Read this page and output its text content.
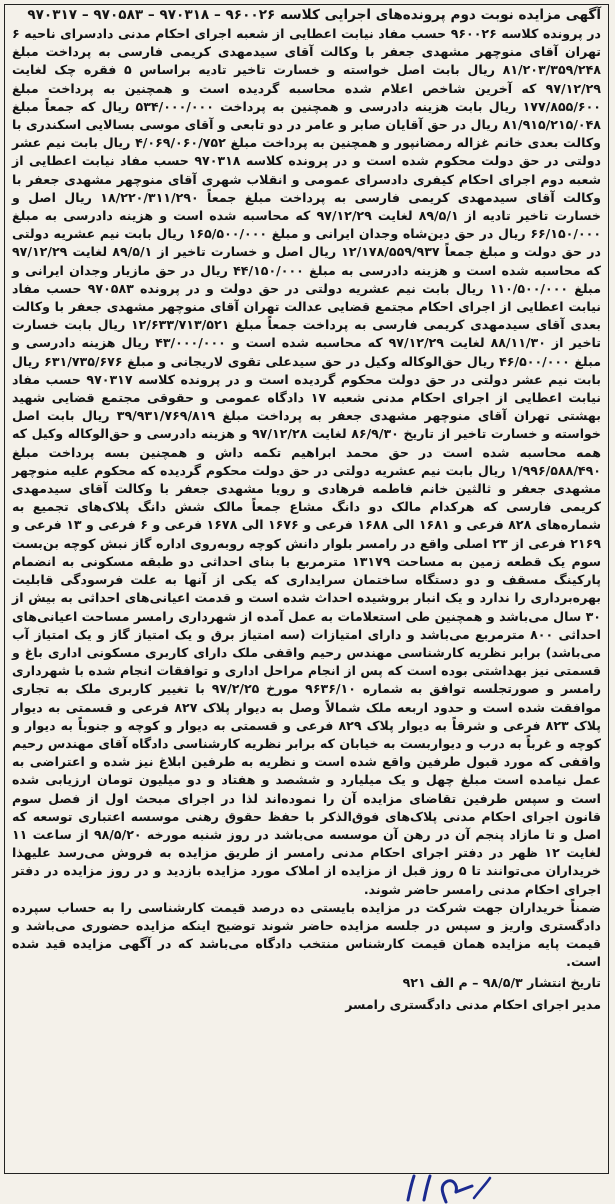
آگهی مزایده نوبت دوم پرونده‌های اجرایی کلاسه ۹۶۰۰۲۶ – ۹۷۰۳۱۸ – ۹۷۰۵۸۳ – ۹۷۰۳۱۷

در پرونده کلاسه ۹۶۰۰۲۶ حسب مفاد نیابت اعطایی از شعبه اجرای احکام مدنی دادسرای ناحیه ۶ تهران آقای منوچهر مشهدی جعفر با وکالت آقای سیدمهدی کریمی فارسی به پرداخت مبلغ ۸۱/۲۰۳/۳۵۹/۲۴۸ ریال بابت اصل خواسته و خسارت تاخیر تادیه براساس ۵ فقره چک لغایت ۹۷/۱۲/۲۹ که آخرین شاخص اعلام شده محاسبه گردیده است و همچنین به پرداخت مبلغ ۱۷۷/۸۵۵/۶۰۰ ریال بابت هزینه دادرسی و همچنین به پرداخت ۵۳۴/۰۰۰/۰۰۰ ریال که جمعاً مبلغ ۸۱/۹۱۵/۲۱۵/۰۴۸ ریال در حق آقایان صابر و عامر در دو تابعی و آقای موسی بسالایی اسکندری با وکالت بعدی خانم غزاله رمضانپور و همچنین به پرداخت مبلغ ۴/۰۶۹/۰۶۰/۷۵۲ ریال بابت نیم عشر دولتی در حق دولت محکوم شده است و در پرونده کلاسه ۹۷۰۳۱۸ حسب مفاد نیابت اعطایی از شعبه دوم اجرای احکام کیفری دادسرای عمومی و انقلاب شهری آقای منوچهر مشهدی جعفر با وکالت آقای سیدمهدی کریمی فارسی به پرداخت مبلغ جمعاً ۱۸/۲۲۰/۳۱۱/۲۹۰ ریال اصل و خسارت تاخیر تادیه از ۸۹/۵/۱ لغایت ۹۷/۱۲/۲۹ که محاسبه شده است و هزینه دادرسی به مبلغ ۶۶/۱۵۰/۰۰۰ ریال در حق دین‌شاه وجدان ایرانی و مبلغ ۱۶۵/۵۰۰/۰۰۰ ریال بابت نیم عشریه دولتی در حق دولت و مبلغ جمعاً ۱۲/۱۷۸/۵۵۹/۹۳۷ ریال اصل و خسارت تاخیر از ۸۹/۵/۱ لغایت ۹۷/۱۲/۲۹ که محاسبه شده است و هزینه دادرسی به مبلغ ۴۴/۱۵۰/۰۰۰ ریال در حق مازیار وجدان ایرانی و مبلغ ۱۱۰/۵۰۰/۰۰۰ ریال بابت نیم عشریه دولتی در حق دولت و در پرونده ۹۷۰۵۸۳ حسب مفاد نیابت اعطایی از اجرای احکام مجتمع قضایی عدالت تهران آقای منوچهر مشهدی جعفر با وکالت بعدی آقای سیدمهدی کریمی فارسی به پرداخت جمعاً مبلغ ۱۲/۶۳۳/۷۱۳/۵۲۱ ریال بابت خسارت تاخیر از ۸۸/۱۱/۳۰ لغایت ۹۷/۱۲/۲۹ که محاسبه شده است و ۴۳/۰۰۰/۰۰۰ ریال هزینه دادرسی و مبلغ ۴۶/۵۰۰/۰۰۰ ریال حق‌الوکاله وکیل در حق سیدعلی تقوی لاریجانی و مبلغ ۶۳۱/۷۳۵/۶۷۶ ریال بابت نیم عشر دولتی در حق دولت محکوم گردیده است و در پرونده کلاسه ۹۷۰۳۱۷ حسب مفاد نیابت اعطایی از اجرای احکام مدنی شعبه ۱۷ دادگاه عمومی و حقوقی مجتمع قضایی شهید بهشتی تهران آقای منوچهر مشهدی جعفر به پرداخت مبلغ ۳۹/۹۳۱/۷۶۹/۸۱۹ ریال بابت اصل خواسته و خسارت تاخیر از تاریخ ۸۶/۹/۳۰ لغایت ۹۷/۱۲/۲۸ و هزینه دادرسی و حق‌الوکاله وکیل که همه محاسبه شده است در حق محمد ابراهیم تکمه داش و همچنین بسه پرداخت مبلغ ۱/۹۹۶/۵۸۸/۴۹۰ ریال بابت نیم عشریه دولتی در حق دولت محکوم گردیده که محکوم علیه منوچهر مشهدی جعفر و ثالثین خانم فاطمه فرهادی و رویا مشهدی جعفر با وکالت آقای سیدمهدی کریمی فارسی که هرکدام مالک دو دانگ مشاع جمعاً مالک شش دانگ پلاک‌های تجمیع به شماره‌های ۸۲۸ فرعی و ۱۶۸۱ الی ۱۶۸۸ فرعی و ۱۶۷۶ الی ۱۶۷۸ فرعی و ۶ فرعی و ۱۳ فرعی و ۲۱۶۹ فرعی از ۲۳ اصلی واقع در رامسر بلوار دانش کوچه روبه‌روی اداره گاز نبش کوچه بن‌بست سوم یک قطعه زمین به مساحت ۱۳۱۷۹ مترمربع با بنای احداثی دو طبقه مسکونی به انضمام پارکینگ مسقف و دو دستگاه ساختمان سرایداری که یکی از آنها به علت فرسودگی قابلیت بهره‌برداری را ندارد و یک انبار بروشیده احداث شده است و قدمت اعیانی‌های احداثی به بیش از ۳۰ سال می‌باشد و همچنین طی استعلامات به عمل آمده از شهرداری رامسر مساحت اعیانی‌های احداثی ۸۰۰ مترمربع می‌باشد و دارای امتیازات (سه امتیاز برق و یک امتیاز گاز و یک امتیاز آب می‌باشد) برابر نظریه کارشناسی مهندس رحیم واقفی ملک دارای کاربری مسکونی اداری باغ و قسمتی نیز بهداشتی بوده است که پس از انجام مراحل اداری و توافقات انجام شده با شهرداری رامسر و صورتجلسه توافق به شماره ۹۶۳۶/۱۰ مورخ ۹۷/۲/۲۵ با تغییر کاربری ملک به تجاری موافقت شده است و حدود اربعه ملک شمالاً وصل به دیوار پلاک ۸۲۷ فرعی و قسمتی به دیوار پلاک ۸۲۳ فرعی و شرقاً به دیوار پلاک ۸۲۹ فرعی و قسمتی به دیوار و کوچه و جنوباً به دیوار و کوچه و غرباً به درب و دیواربست به خیابان که برابر نظریه کارشناسی دادگاه آقای مهندس رحیم واقفی که مورد قبول طرفین واقع شده است و نظریه به طرفین ابلاغ نیز شده و اعتراضی به عمل نیامده است مبلغ چهل و یک میلیارد و ششصد و هفتاد و دو میلیون تومان ارزیابی شده است و سپس طرفین تقاضای مزایده آن را نموده‌اند لذا در اجرای مبحث اول از فصل سوم قانون اجرای احکام مدنی پلاک‌های فوق‌الذکر با حفظ حقوق رهنی موسسه اعتباری توسعه که اصل و تا مازاد پنجم آن در رهن آن موسسه می‌باشد در روز شنبه مورخه ۹۸/۵/۲۰ از ساعت ۱۱ لغایت ۱۲ ظهر در دفتر اجرای احکام مدنی رامسر از طریق مزایده به فروش می‌رسد علیهذا خریداران می‌توانند تا ۵ روز قبل از مزایده از املاک مورد مزایده بازدید و در روز مزایده در دفتر اجرای احکام مدنی رامسر حاضر شوند.

ضمناً خریداران جهت شرکت در مزایده بایستی ده درصد قیمت کارشناسی را به حساب سپرده دادگستری واریز و سپس در جلسه مزایده حاضر شوند توضیح اینکه مزایده حضوری می‌باشد و قیمت پایه مزایده همان قیمت کارشناس منتخب دادگاه می‌باشد که در آگهی مزایده قید شده است.

تاریخ انتشار ۹۸/۵/۳ – م الف ۹۲۱

مدیر اجرای احکام مدنی دادگستری رامسر
